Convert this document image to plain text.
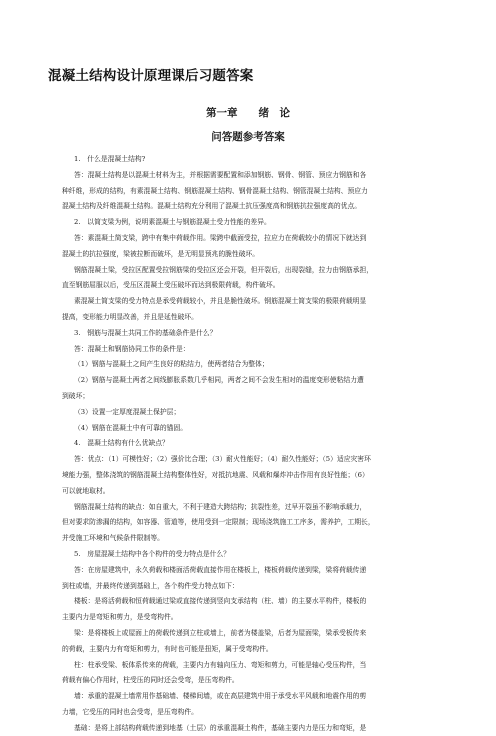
混凝土结构设计原理课后习题答案
第一章　　绪　论
问答题参考答案
1.　什么是混凝土结构?
答：混凝土结构是以混凝土材料为主，并根据需要配置和添加钢筋、钢骨、钢管、预应力钢筋和各
种纤维，形成的结构，有素混凝土结构、钢筋混凝土结构、钢骨混凝土结构、钢管混凝土结构、预应力
混凝土结构及纤维混凝土结构。混凝土结构充分利用了混凝土抗压强度高和钢筋抗拉强度高的优点。
2.　以简支梁为例，说明素混凝土与钢筋混凝土受力性能的差异。
答：素混凝土简支梁，跨中有集中荷载作用。梁跨中截面受拉，拉应力在荷载较小的情况下就达到
混凝土的抗拉强度，梁被拉断而破坏，是无明显预兆的脆性破坏。
钢筋混凝土梁，受拉区配置受拉钢筋梁的受拉区还会开裂，但开裂后，出现裂缝，拉力由钢筋承担，
直至钢筋屈服以后，受压区混凝土受压破坏而达到极限荷载，构件破坏。
素混凝土简支梁的受力特点是承受荷载较小，并且是脆性破坏。钢筋混凝土简支梁的极限荷载明显
提高，变形能力明显改善，并且是延性破坏。
3.　钢筋与混凝土共同工作的基础条件是什么？
答：混凝土和钢筋协同工作的条件是：
（1）钢筋与混凝土之间产生良好的粘结力，使两者结合为整体；
（2）钢筋与混凝土两者之间线膨胀系数几乎相同，两者之间不会发生相对的温度变形使粘结力遭
到破坏；
（3）设置一定厚度混凝土保护层；
（4）钢筋在混凝土中有可靠的锚固。
4.　混凝土结构有什么优缺点？
答：优点：（1）可模性好；（2）强价比合理；（3）耐火性能好；（4）耐久性能好；（5）适应灾害环
境能力强，整体浇筑的钢筋混凝土结构整体性好，对抵抗地震、风载和爆炸冲击作用有良好性能；（6）
可以就地取材。
钢筋混凝土结构的缺点：如自重大，不利于建造大跨结构；抗裂性差，过早开裂虽不影响承载力，
但对要求防渗漏的结构，如容器、管道等，使用受到一定限制；现场浇筑施工工序多，需养护，工期长，
并受施工环境和气候条件限制等。
5.　房屋混凝土结构中各个构件的受力特点是什么？
答：在房屋建筑中，永久荷载和楼面活荷载直接作用在楼板上，楼板荷载传递到梁，梁将荷载传递
到柱或墙，并最终传递到基础上，各个构件受力特点如下：
楼板：是将活荷载和恒荷载通过梁或直接传递到竖向支承结构（柱、墙）的主要水平构件，楼板的
主要内力是弯矩和剪力，是受弯构件。
梁：是将楼板上或屋面上的荷载传递到立柱或墙上，前者为楼盖梁，后者为屋面梁，梁承受板传来
的荷载，主要内力有弯矩和剪力，有时也可能是扭矩，属于受弯构件。
柱：柱承受梁、板体系传来的荷载，主要内力有轴向压力、弯矩和剪力，可能是轴心受压构件，当
荷载有偏心作用时，柱受压的同时还会受弯，是压弯构件。
墙：承重的混凝土墙常用作基础墙、楼梯间墙，或在高层建筑中用于承受水平风载和地震作用的剪
力墙，它受压的同时也会受弯，是压弯构件。
基础：是将上部结构荷载传递到地基（土层）的承重混凝土构件，基础主要内力是压力和弯矩，是
